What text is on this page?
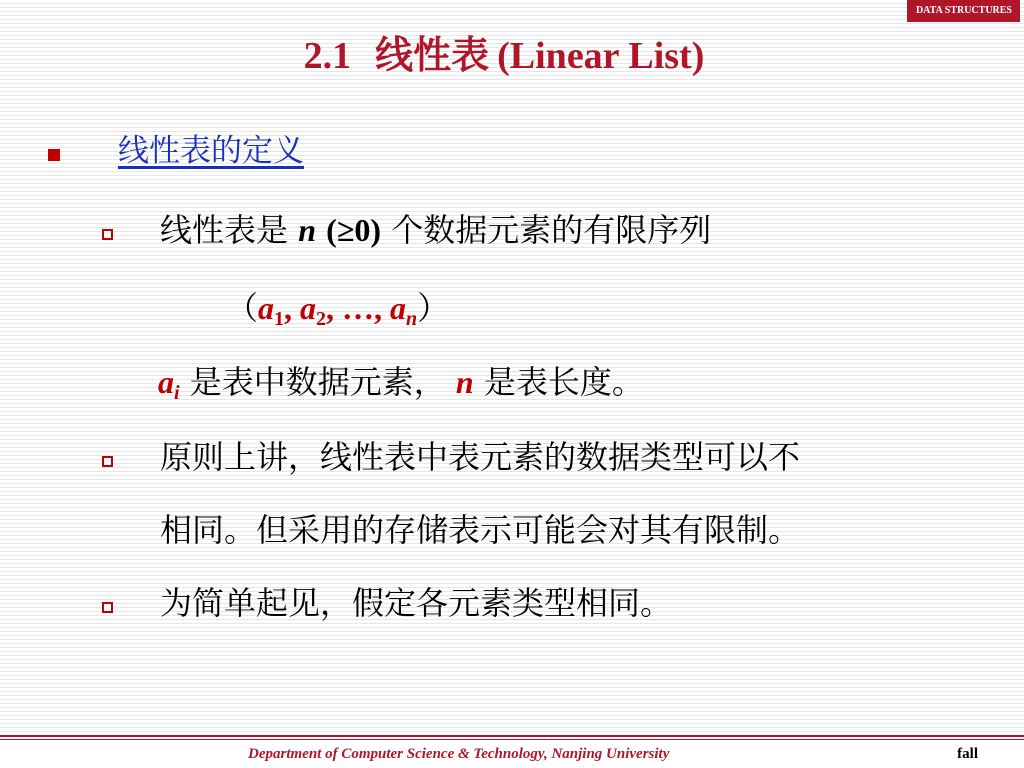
DATA STRUCTURES
2.1 线性表 (Linear List)
线性表的定义
线性表是 n (≥0) 个数据元素的有限序列
（$a_1$, $a_2$, …, $a_n$）
$a_i$ 是表中数据元素， n 是表长度。
原则上讲，线性表中表元素的数据类型可以不
相同。但采用的存储表示可能会对其有限制。
为简单起见，假定各元素类型相同。
Department of Computer Science & Technology, Nanjing University	fall
